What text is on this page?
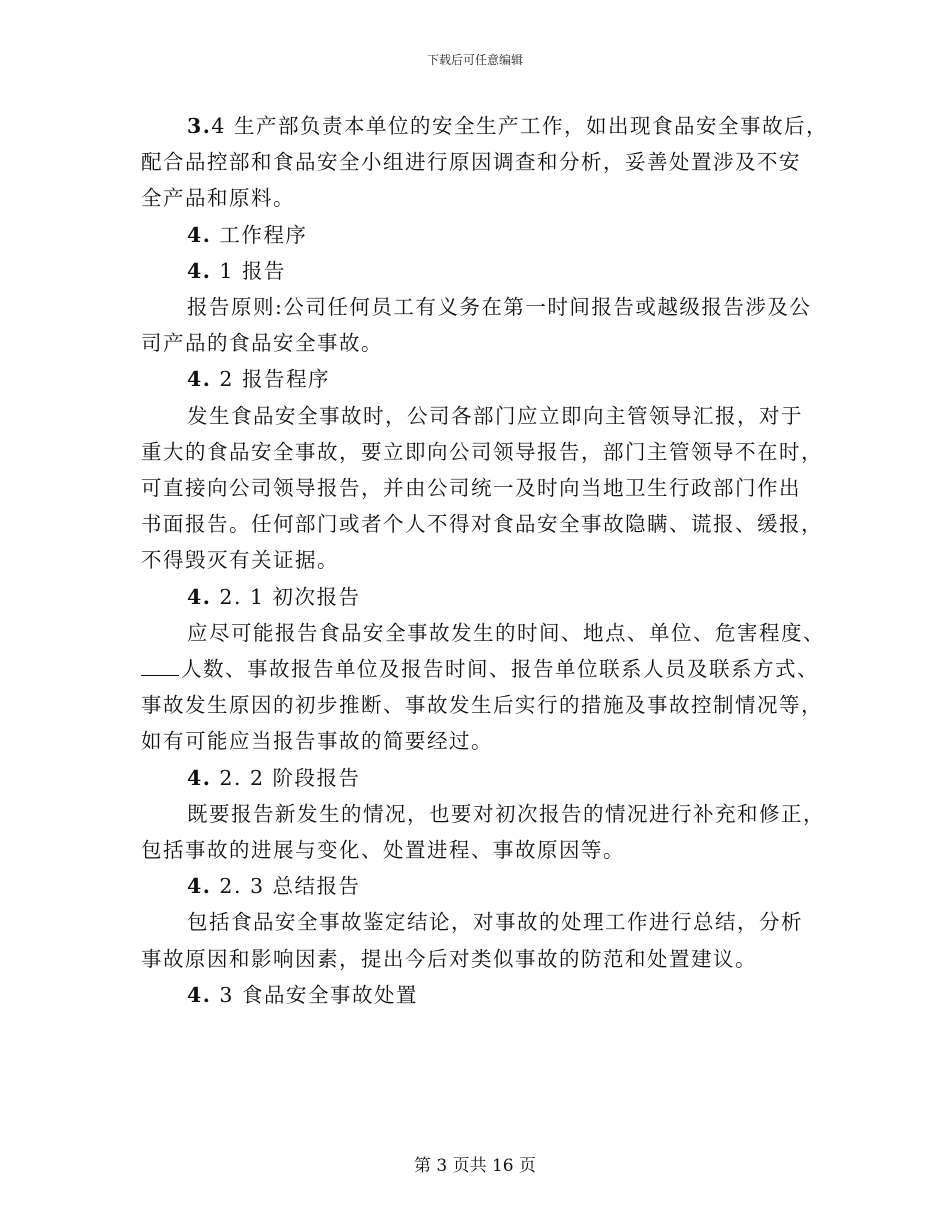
下载后可任意编辑

3.4 生产部负责本单位的安全生产工作，如出现食品安全事故后，

配合品控部和食品安全小组进行原因调查和分析，妥善处置涉及不安

全产品和原料。

4. 工作程序

4. 1 报告

报告原则:公司任何员工有义务在第一时间报告或越级报告涉及公

司产品的食品安全事故。

4. 2 报告程序

发生食品安全事故时，公司各部门应立即向主管领导汇报，对于

重大的食品安全事故，要立即向公司领导报告，部门主管领导不在时，

可直接向公司领导报告，并由公司统一及时向当地卫生行政部门作出

书面报告。任何部门或者个人不得对食品安全事故隐瞒、谎报、缓报，

不得毁灭有关证据。

4. 2. 1 初次报告

应尽可能报告食品安全事故发生的时间、地点、单位、危害程度、

人数、事故报告单位及报告时间、报告单位联系人员及联系方式、

事故发生原因的初步推断、事故发生后实行的措施及事故控制情况等，

如有可能应当报告事故的简要经过。

4. 2. 2 阶段报告

既要报告新发生的情况，也要对初次报告的情况进行补充和修正，

包括事故的进展与变化、处置进程、事故原因等。

4. 2. 3 总结报告

包括食品安全事故鉴定结论，对事故的处理工作进行总结，分析

事故原因和影响因素，提出今后对类似事故的防范和处置建议。

4. 3 食品安全事故处置

第 3 页共 16 页
